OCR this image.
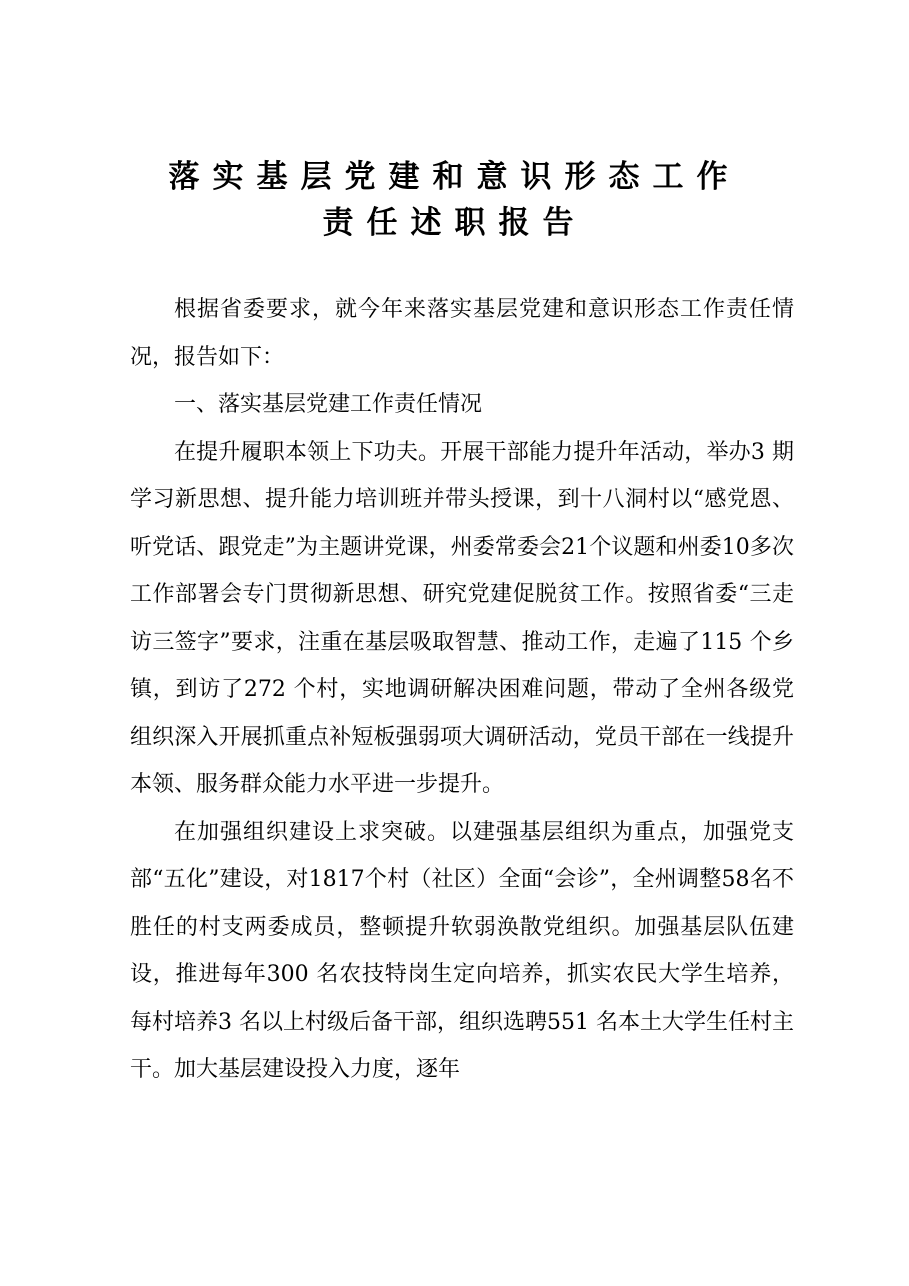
落实基层党建和意识形态工作
责任述职报告

根据省委要求，就今年来落实基层党建和意识形态工作责任情况，报告如下：

一、落实基层党建工作责任情况

在提升履职本领上下功夫。开展干部能力提升年活动，举办3 期学习新思想、提升能力培训班并带头授课，到十八洞村以“感党恩、听党话、跟党走”为主题讲党课，州委常委会21个议题和州委10多次工作部署会专门贯彻新思想、研究党建促脱贫工作。按照省委“三走访三签字”要求，注重在基层吸取智慧、推动工作，走遍了115 个乡镇，到访了272 个村，实地调研解决困难问题，带动了全州各级党组织深入开展抓重点补短板强弱项大调研活动，党员干部在一线提升本领、服务群众能力水平进一步提升。

在加强组织建设上求突破。以建强基层组织为重点，加强党支部“五化”建设，对1817个村（社区）全面“会诊”，全州调整58名不胜任的村支两委成员，整顿提升软弱涣散党组织。加强基层队伍建设，推进每年300 名农技特岗生定向培养，抓实农民大学生培养，每村培养3 名以上村级后备干部，组织选聘551 名本土大学生任村主干。加大基层建设投入力度，逐年
